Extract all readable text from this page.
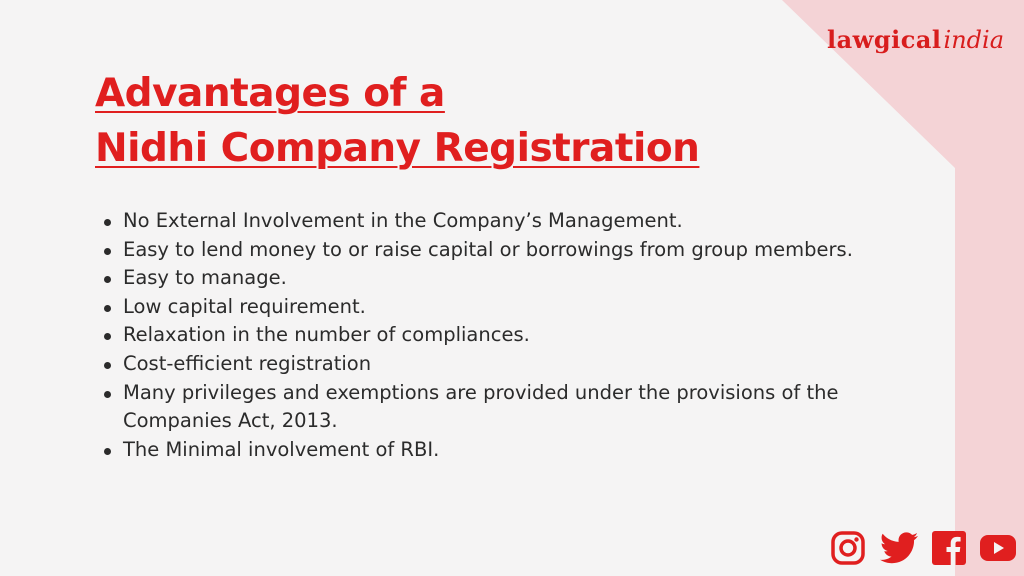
lawgical india
Advantages of a
Nidhi Company Registration
No External Involvement in the Company’s Management.
Easy to lend money to or raise capital or borrowings from group members.
Easy to manage.
Low capital requirement.
Relaxation in the number of compliances.
Cost-efficient registration
Many privileges and exemptions are provided under the provisions of the Companies Act, 2013.
The Minimal involvement of RBI.
